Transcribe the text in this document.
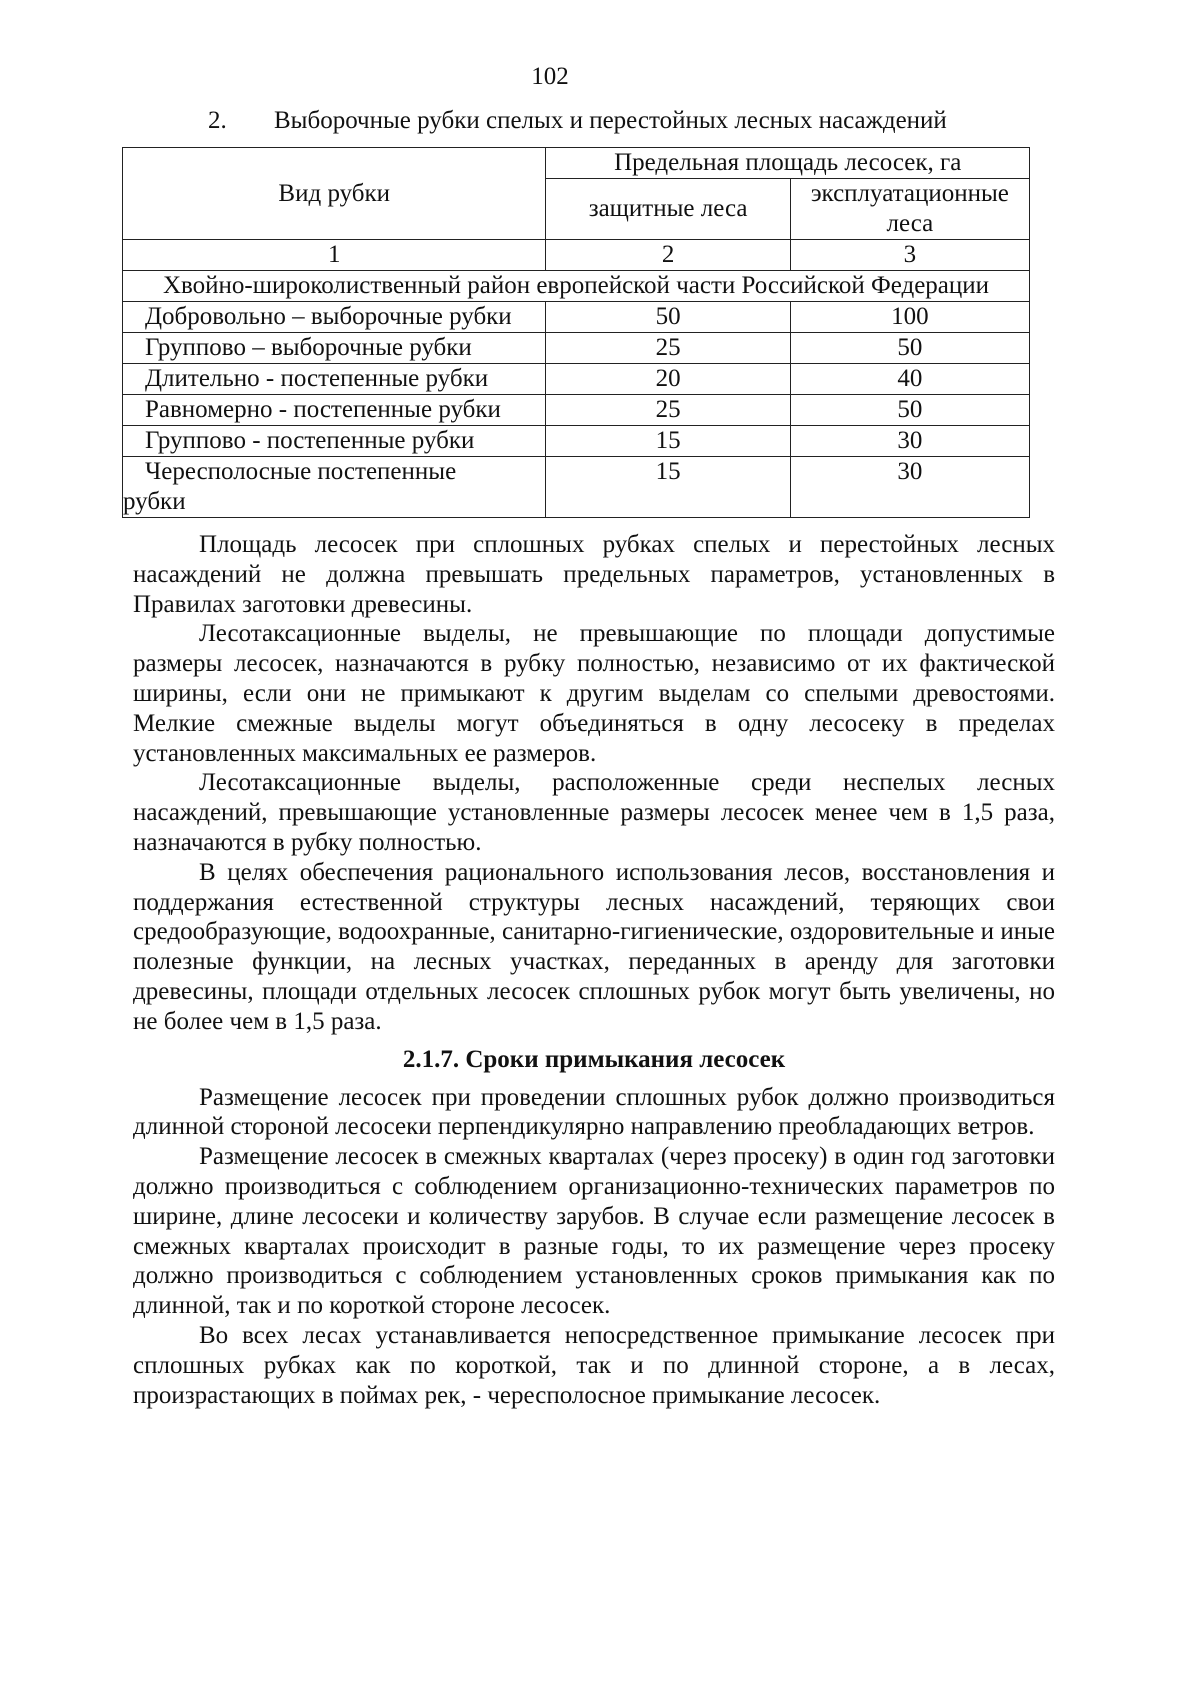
102
2. Выборочные рубки спелых и перестойных лесных насаждений
Вид рубки	Предельная площадь лесосек, га	
	защитные леса	эксплуатационные леса
1	2	3
Хвойно-широколиственный район европейской части Российской Федерации		
Добровольно – выборочные рубки	50	100
Группово – выборочные рубки	25	50
Длительно - постепенные рубки	20	40
Равномерно - постепенные рубки	25	50
Группово - постепенные рубки	15	30

Чересполосные постепенные
рубки	15	30

Площадь лесосек при сплошных рубках спелых и перестойных лесных насаждений не должна превышать предельных параметров, установленных в Правилах заготовки древесины.

Лесотаксационные выделы, не превышающие по площади допустимые размеры лесосек, назначаются в рубку полностью, независимо от их фактической ширины, если они не примыкают к другим выделам со спелыми древостоями. Мелкие смежные выделы могут объединяться в одну лесосеку в пределах установленных максимальных ее размеров.

Лесотаксационные выделы, расположенные среди неспелых лесных насаждений, превышающие установленные размеры лесосек менее чем в 1,5 раза, назначаются в рубку полностью.

В целях обеспечения рационального использования лесов, восстановления и поддержания естественной структуры лесных насаждений, теряющих свои средообразующие, водоохранные, санитарно-гигиенические, оздоровительные и иные полезные функции, на лесных участках, переданных в аренду для заготовки древесины, площади отдельных лесосек сплошных рубок могут быть увеличены, но не более чем в 1,5 раза.

2.1.7. Сроки примыкания лесосек

Размещение лесосек при проведении сплошных рубок должно производиться длинной стороной лесосеки перпендикулярно направлению преобладающих ветров.

Размещение лесосек в смежных кварталах (через просеку) в один год заготовки должно производиться с соблюдением организационно-технических параметров по ширине, длине лесосеки и количеству зарубов. В случае если размещение лесосек в смежных кварталах происходит в разные годы, то их размещение через просеку должно производиться с соблюдением установленных сроков примыкания как по длинной, так и по короткой стороне лесосек.

Во всех лесах устанавливается непосредственное примыкание лесосек при сплошных рубках как по короткой, так и по длинной стороне, а в лесах, произрастающих в поймах рек, - чересполосное примыкание лесосек.
